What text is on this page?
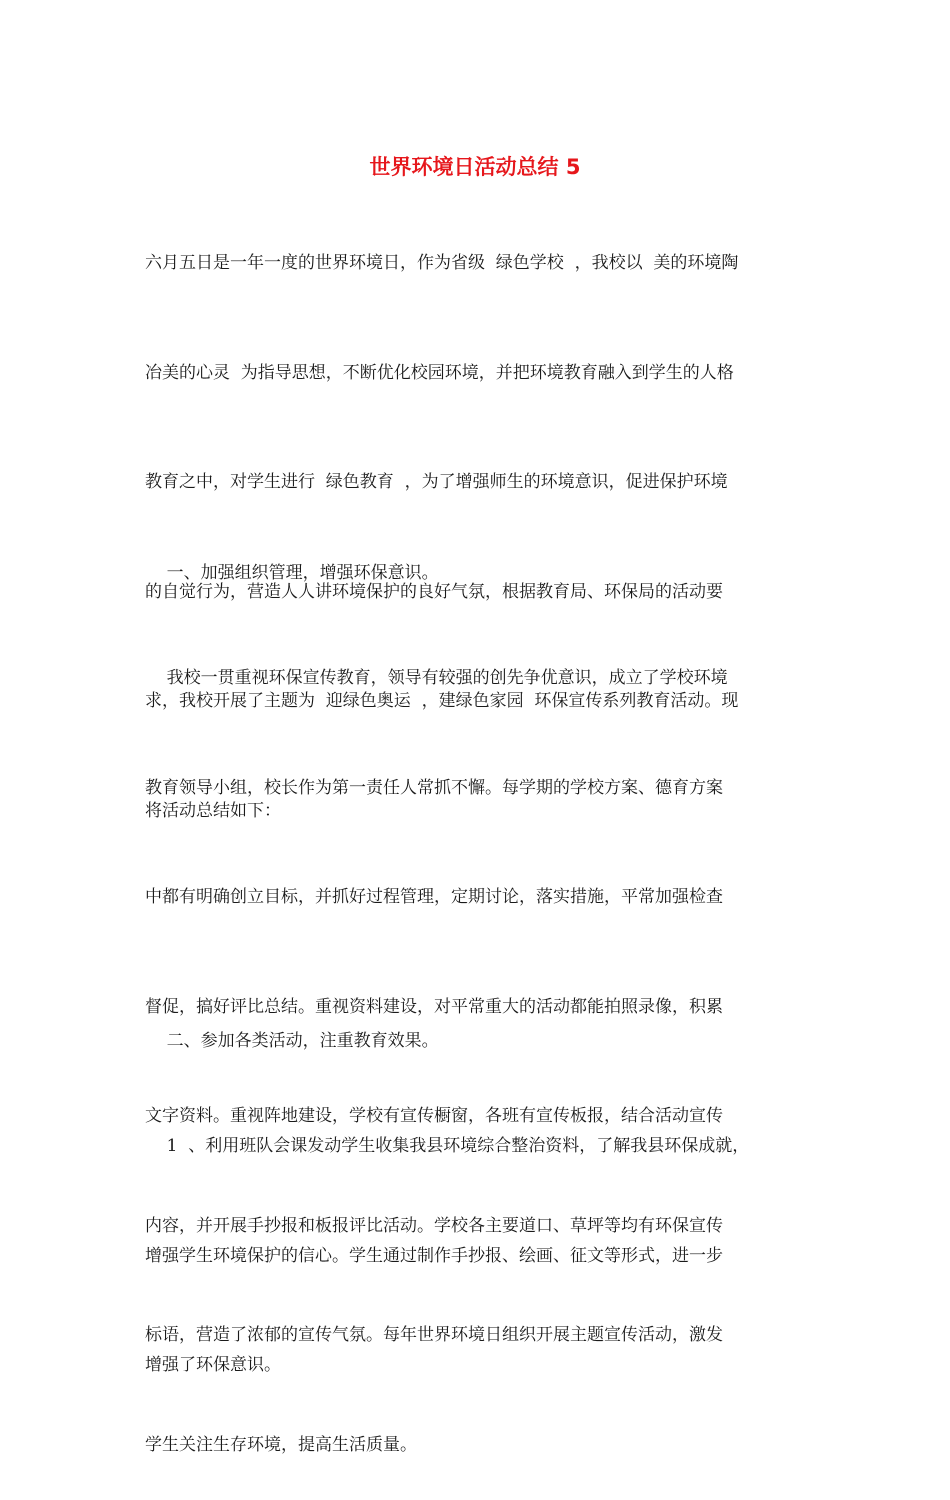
世界环境日活动总结 5

六月五日是一年一度的世界环境日，作为省级  绿色学校  ，我校以  美的环境陶

冶美的心灵  为指导思想，不断优化校园环境，并把环境教育融入到学生的人格

教育之中，对学生进行  绿色教育  ，为了增强师生的环境意识，促进保护环境

的自觉行为，营造人人讲环境保护的良好气氛，根据教育局、环保局的活动要

求，我校开展了主题为  迎绿色奥运  ，建绿色家园  环保宣传系列教育活动。现

将活动总结如下：

一、加强组织管理，增强环保意识。

我校一贯重视环保宣传教育，领导有较强的创先争优意识，成立了学校环境

教育领导小组，校长作为第一责任人常抓不懈。每学期的学校方案、德育方案

中都有明确创立目标，并抓好过程管理，定期讨论，落实措施，平常加强检查

督促，搞好评比总结。重视资料建设，对平常重大的活动都能拍照录像，积累

文字资料。重视阵地建设，学校有宣传橱窗，各班有宣传板报，结合活动宣传

内容，并开展手抄报和板报评比活动。学校各主要道口、草坪等均有环保宣传

标语，营造了浓郁的宣传气氛。每年世界环境日组织开展主题宣传活动，激发

学生关注生存环境，提高生活质量。

二、参加各类活动，注重教育效果。

1  、利用班队会课发动学生收集我县环境综合整治资料，了解我县环保成就，

增强学生环境保护的信心。学生通过制作手抄报、绘画、征文等形式，进一步

增强了环保意识。
